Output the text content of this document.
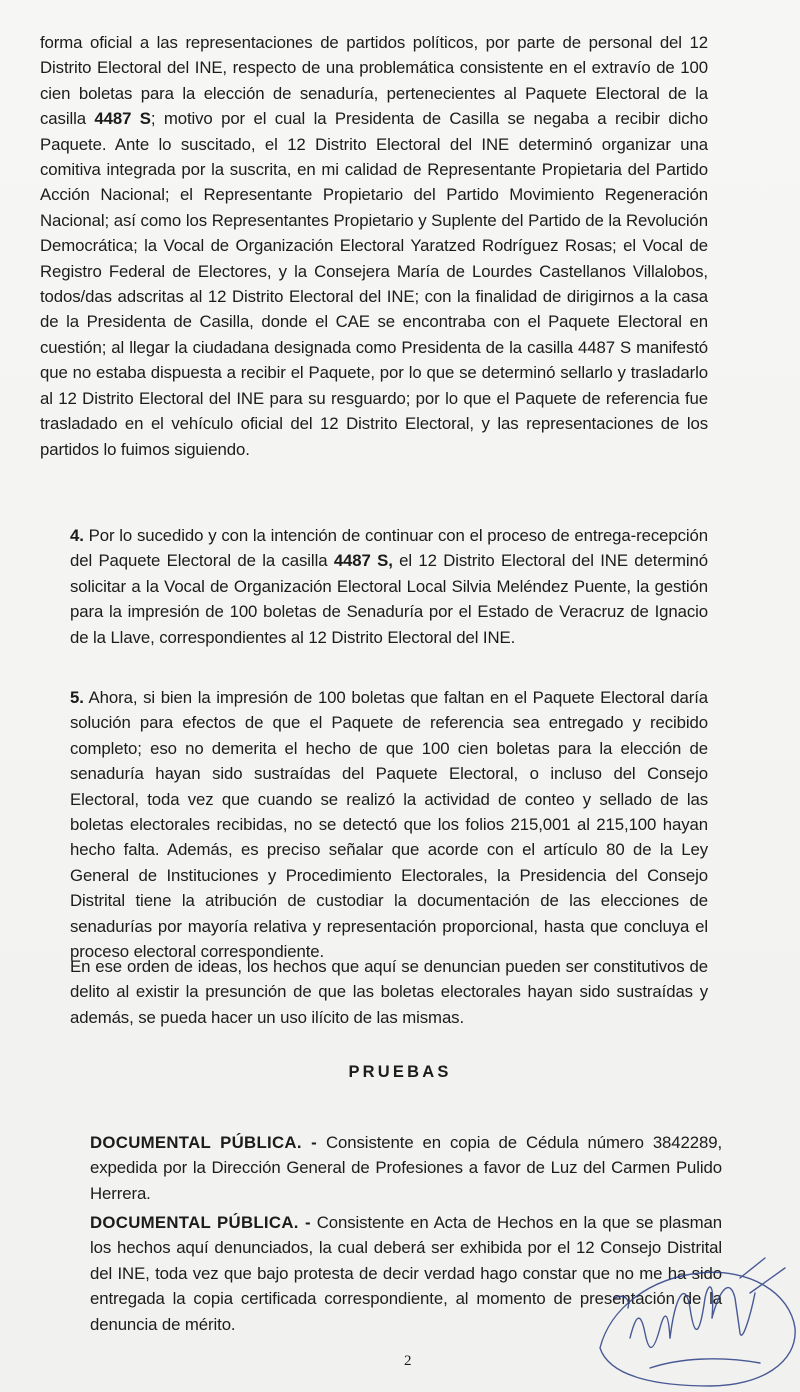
forma oficial a las representaciones de partidos políticos, por parte de personal del 12 Distrito Electoral del INE, respecto de una problemática consistente en el extravío de 100 cien boletas para la elección de senaduría, pertenecientes al Paquete Electoral de la casilla 4487 S; motivo por el cual la Presidenta de Casilla se negaba a recibir dicho Paquete. Ante lo suscitado, el 12 Distrito Electoral del INE determinó organizar una comitiva integrada por la suscrita, en mi calidad de Representante Propietaria del Partido Acción Nacional; el Representante Propietario del Partido Movimiento Regeneración Nacional; así como los Representantes Propietario y Suplente del Partido de la Revolución Democrática; la Vocal de Organización Electoral Yaratzed Rodríguez Rosas; el Vocal de Registro Federal de Electores, y la Consejera María de Lourdes Castellanos Villalobos, todos/das adscritas al 12 Distrito Electoral del INE; con la finalidad de dirigirnos a la casa de la Presidenta de Casilla, donde el CAE se encontraba con el Paquete Electoral en cuestión; al llegar la ciudadana designada como Presidenta de la casilla 4487 S manifestó que no estaba dispuesta a recibir el Paquete, por lo que se determinó sellarlo y trasladarlo al 12 Distrito Electoral del INE para su resguardo; por lo que el Paquete de referencia fue trasladado en el vehículo oficial del 12 Distrito Electoral, y las representaciones de los partidos lo fuimos siguiendo.

4. Por lo sucedido y con la intención de continuar con el proceso de entrega-recepción del Paquete Electoral de la casilla 4487 S, el 12 Distrito Electoral del INE determinó solicitar a la Vocal de Organización Electoral Local Silvia Meléndez Puente, la gestión para la impresión de 100 boletas de Senaduría por el Estado de Veracruz de Ignacio de la Llave, correspondientes al 12 Distrito Electoral del INE.

5. Ahora, si bien la impresión de 100 boletas que faltan en el Paquete Electoral daría solución para efectos de que el Paquete de referencia sea entregado y recibido completo; eso no demerita el hecho de que 100 cien boletas para la elección de senaduría hayan sido sustraídas del Paquete Electoral, o incluso del Consejo Electoral, toda vez que cuando se realizó la actividad de conteo y sellado de las boletas electorales recibidas, no se detectó que los folios 215,001 al 215,100 hayan hecho falta. Además, es preciso señalar que acorde con el artículo 80 de la Ley General de Instituciones y Procedimiento Electorales, la Presidencia del Consejo Distrital tiene la atribución de custodiar la documentación de las elecciones de senadurías por mayoría relativa y representación proporcional, hasta que concluya el proceso electoral correspondiente.

En ese orden de ideas, los hechos que aquí se denuncian pueden ser constitutivos de delito al existir la presunción de que las boletas electorales hayan sido sustraídas y además, se pueda hacer un uso ilícito de las mismas.

PRUEBAS

DOCUMENTAL PÚBLICA. - Consistente en copia de Cédula número 3842289, expedida por la Dirección General de Profesiones a favor de Luz del Carmen Pulido Herrera.

DOCUMENTAL PÚBLICA. - Consistente en Acta de Hechos en la que se plasman los hechos aquí denunciados, la cual deberá ser exhibida por el 12 Consejo Distrital del INE, toda vez que bajo protesta de decir verdad hago constar que no me ha sido entregada la copia certificada correspondiente, al momento de presentación de la denuncia de mérito.

2
